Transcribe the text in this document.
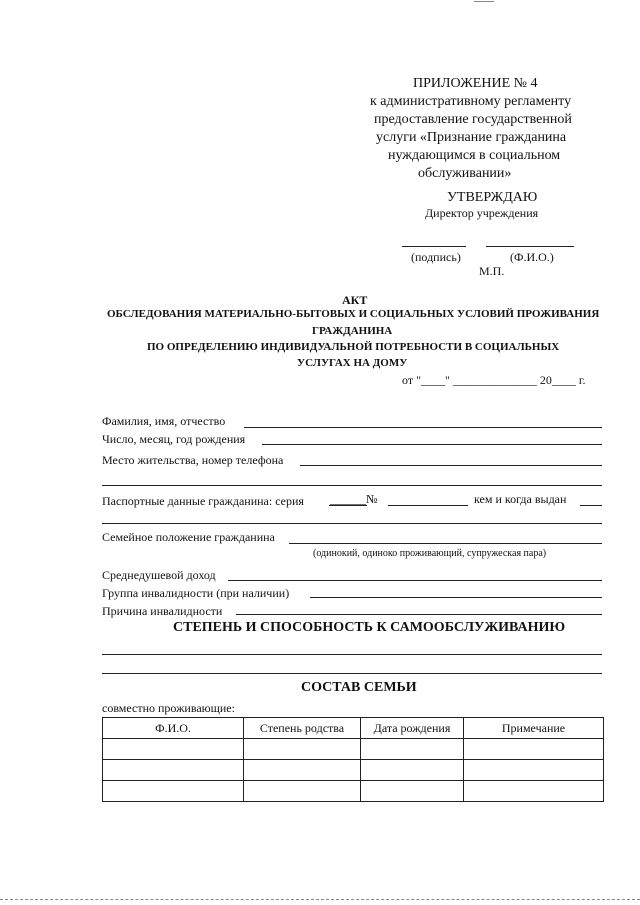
ПРИЛОЖЕНИЕ № 4
к административному регламенту
предоставление государственной
услуги «Признание гражданина
нуждающимся в социальном
обслуживании»
УТВЕРЖДАЮ
Директор учреждения
(подпись)	(Ф.И.О.)
М.П.
АКТ
ОБСЛЕДОВАНИЯ МАТЕРИАЛЬНО-БЫТОВЫХ И СОЦИАЛЬНЫХ УСЛОВИЙ ПРОЖИВАНИЯ
ГРАЖДАНИНА
ПО ОПРЕДЕЛЕНИЮ ИНДИВИДУАЛЬНОЙ ПОТРЕБНОСТИ В СОЦИАЛЬНЫХ
УСЛУГАХ НА ДОМУ
от "____" ______________ 20____ г.
Фамилия, имя, отчество
Число, месяц, год рождения
Место жительства, номер телефона
Паспортные данные гражданина: серия ______№	кем и когда выдан
Семейное положение гражданина
(одинокий, одиноко проживающий, супружеская пара)
Среднедушевой доход
Группа инвалидности (при наличии)
Причина инвалидности
СТЕПЕНЬ И СПОСОБНОСТЬ К САМООБСЛУЖИВАНИЮ
СОСТАВ СЕМЬИ
совместно проживающие:
Ф.И.О.	Степень родства	Дата рождения	Примечание
